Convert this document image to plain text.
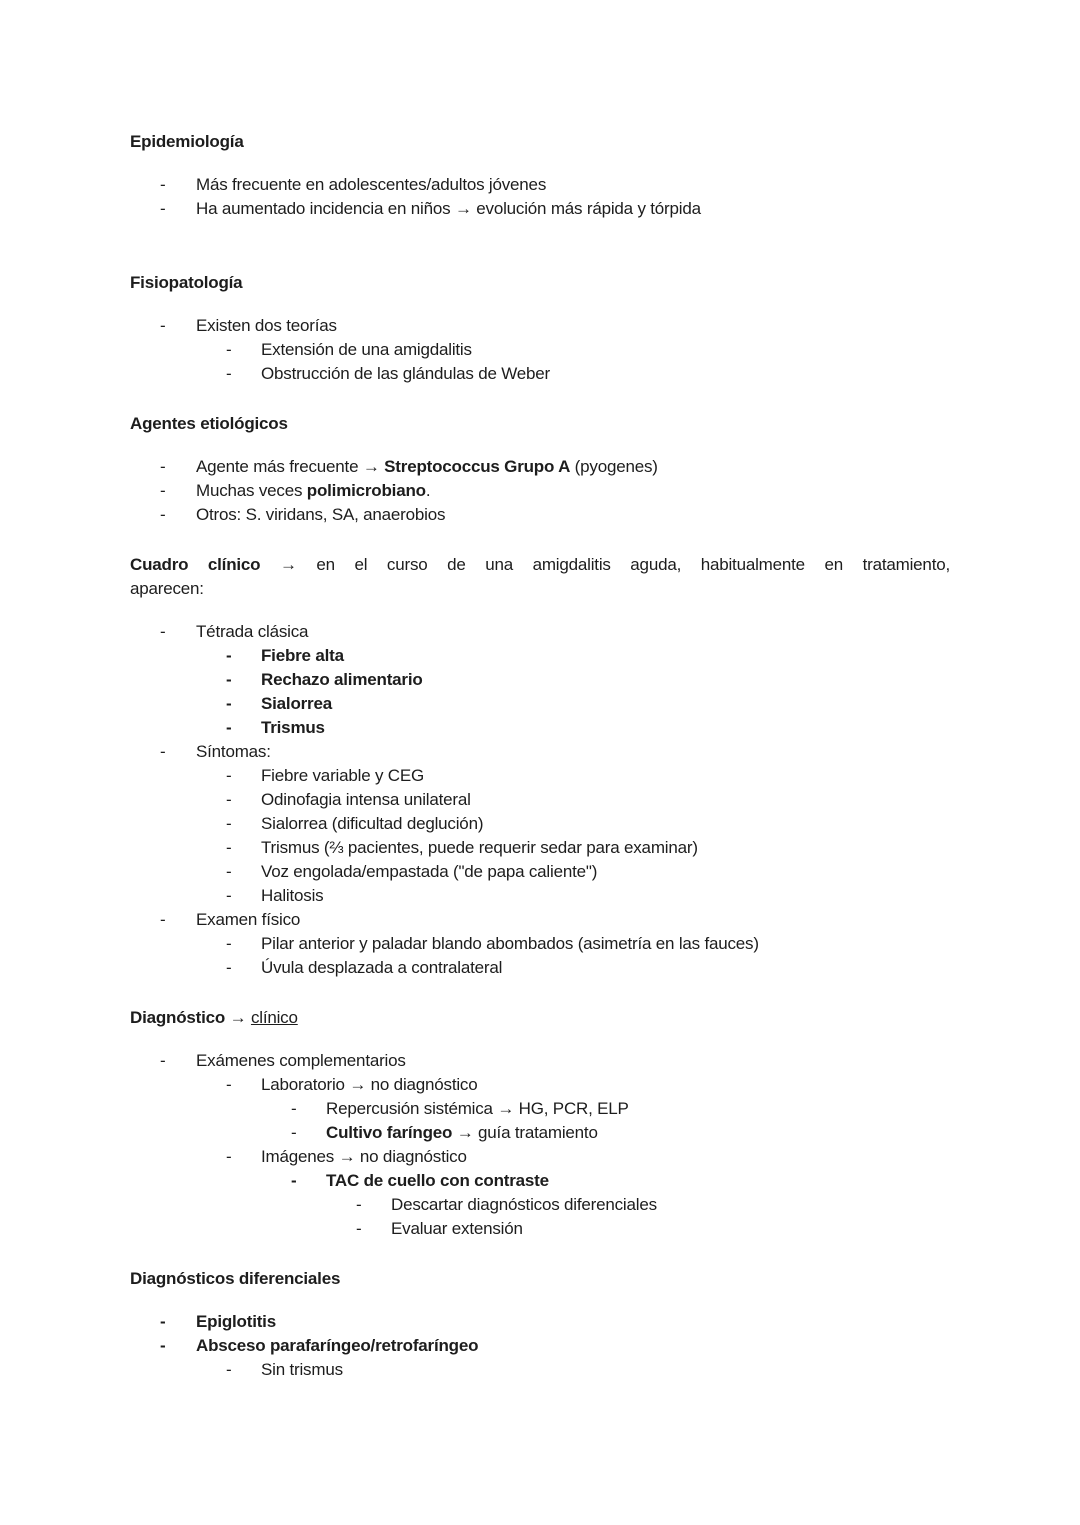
Epidemiología
- Más frecuente en adolescentes/adultos jóvenes
- Ha aumentado incidencia en niños → evolución más rápida y tórpida
Fisiopatología
- Existen dos teorías
- Extensión de una amigdalitis
- Obstrucción de las glándulas de Weber
Agentes etiológicos
- Agente más frecuente → Streptococcus Grupo A (pyogenes)
- Muchas veces polimicrobiano.
- Otros: S. viridans, SA, anaerobios
Cuadro clínico → en el curso de una amigdalitis aguda, habitualmente en tratamiento,
aparecen:
- Tétrada clásica
- Fiebre alta
- Rechazo alimentario
- Sialorrea
- Trismus
- Síntomas:
- Fiebre variable y CEG
- Odinofagia intensa unilateral
- Sialorrea (dificultad deglución)
- Trismus (⅔ pacientes, puede requerir sedar para examinar)
- Voz engolada/empastada ("de papa caliente")
- Halitosis
- Examen físico
- Pilar anterior y paladar blando abombados (asimetría en las fauces)
- Úvula desplazada a contralateral
Diagnóstico → clínico
- Exámenes complementarios
- Laboratorio → no diagnóstico
- Repercusión sistémica → HG, PCR, ELP
- Cultivo faríngeo → guía tratamiento
- Imágenes → no diagnóstico
- TAC de cuello con contraste
- Descartar diagnósticos diferenciales
- Evaluar extensión
Diagnósticos diferenciales
- Epiglotitis
- Absceso parafaríngeo/retrofaríngeo
- Sin trismus
